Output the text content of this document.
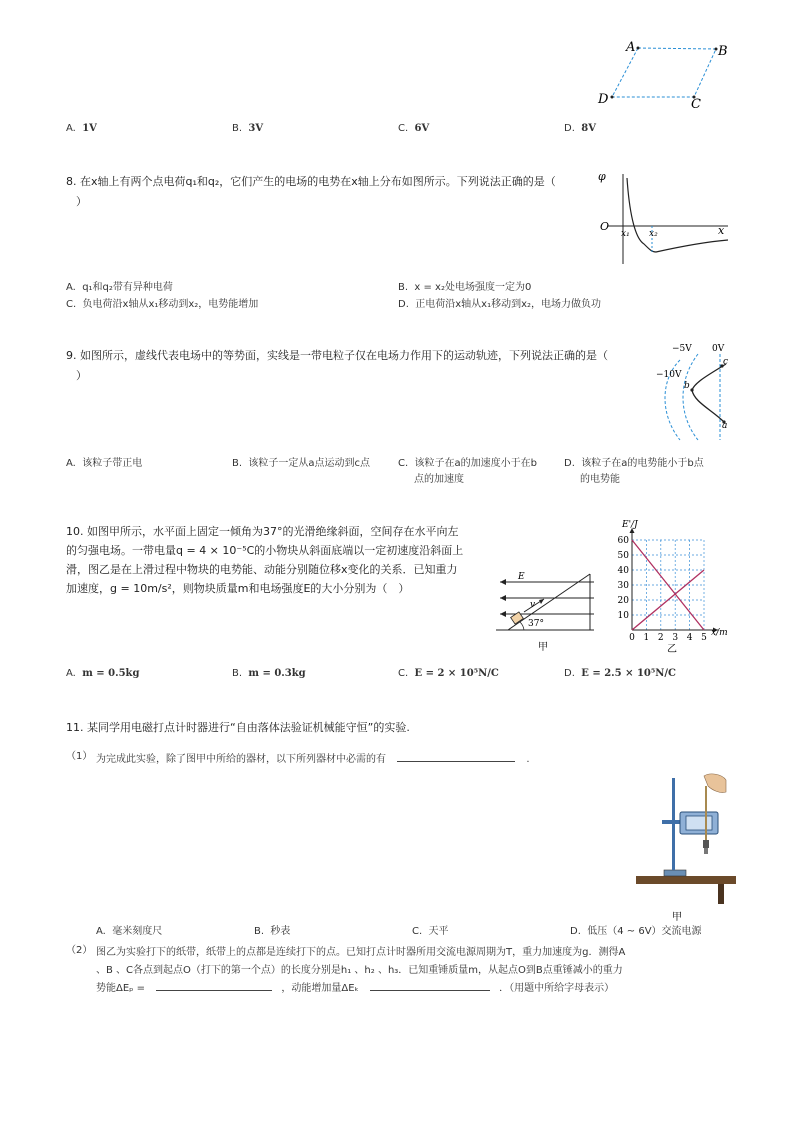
A	B
C
D
A. 1V	B. 3V	C. 6V	D. 8V
8. 在x轴上有两个点电荷q₁和q₂，它们产生的电场的电势在x轴上分布如图所示。下列说法正确的是（
）
φ
O
x₁ x₂	x
A. q₁和q₂带有异种电荷	B. x = x₂处电场强度一定为0
C. 负电荷沿x轴从x₁移动到x₂，电势能增加	D. 正电荷沿x轴从x₁移动到x₂，电场力做负功
9. 如图所示，虚线代表电场中的等势面，实线是一带电粒子仅在电场力作用下的运动轨迹，下列说法正确的是（
）
−5V 0V
−10V
a
b
c
A. 该粒子带正电	B. 该粒子一定从a点运动到c点	C. 该粒子在a的加速度小于在b
点的加速度
D. 该粒子在a的电势能小于b点
的电势能
10. 如图甲所示，水平面上固定一倾角为37°的光滑绝缘斜面，空间存在水平向左
的匀强电场。一带电量q = 4 × 10⁻⁵C的小物块从斜面底端以一定初速度沿斜面上
滑，图乙是在上滑过程中物块的电势能、动能分别随位移x变化的关系．已知重力
加速度，g = 10m/s²，则物块质量m和电场强度E的大小分别为（　）
E
v
37°
甲
60
50
40
30
20
10
0 1 2 3 4 5
E'/J
x/m
乙
A. m = 0.5kg	B. m = 0.3kg	C. E = 2 × 10⁵N/C	D. E = 2.5 × 10⁵N/C
11. 某同学用电磁打点计时器进行“自由落体法验证机械能守恒”的实验.
（1） 为完成此实验，除了图甲中所给的器材，以下所列器材中必需的有	.
甲
A. 毫米刻度尺	B. 秒表	C. 天平	D. 低压（4 ~ 6V）交流电源
（2） 图乙为实验打下的纸带，纸带上的点都是连续打下的点。已知打点计时器所用交流电源周期为T，重力加速度为g．测得A
、B 、C各点到起点O（打下的第一个点）的长度分别是h₁ 、h₂ 、h₃．已知重锤质量m，从起点O到B点重锤减小的重力
势能ΔEₚ =	，动能增加量ΔEₖ	．（用题中所给字母表示）
